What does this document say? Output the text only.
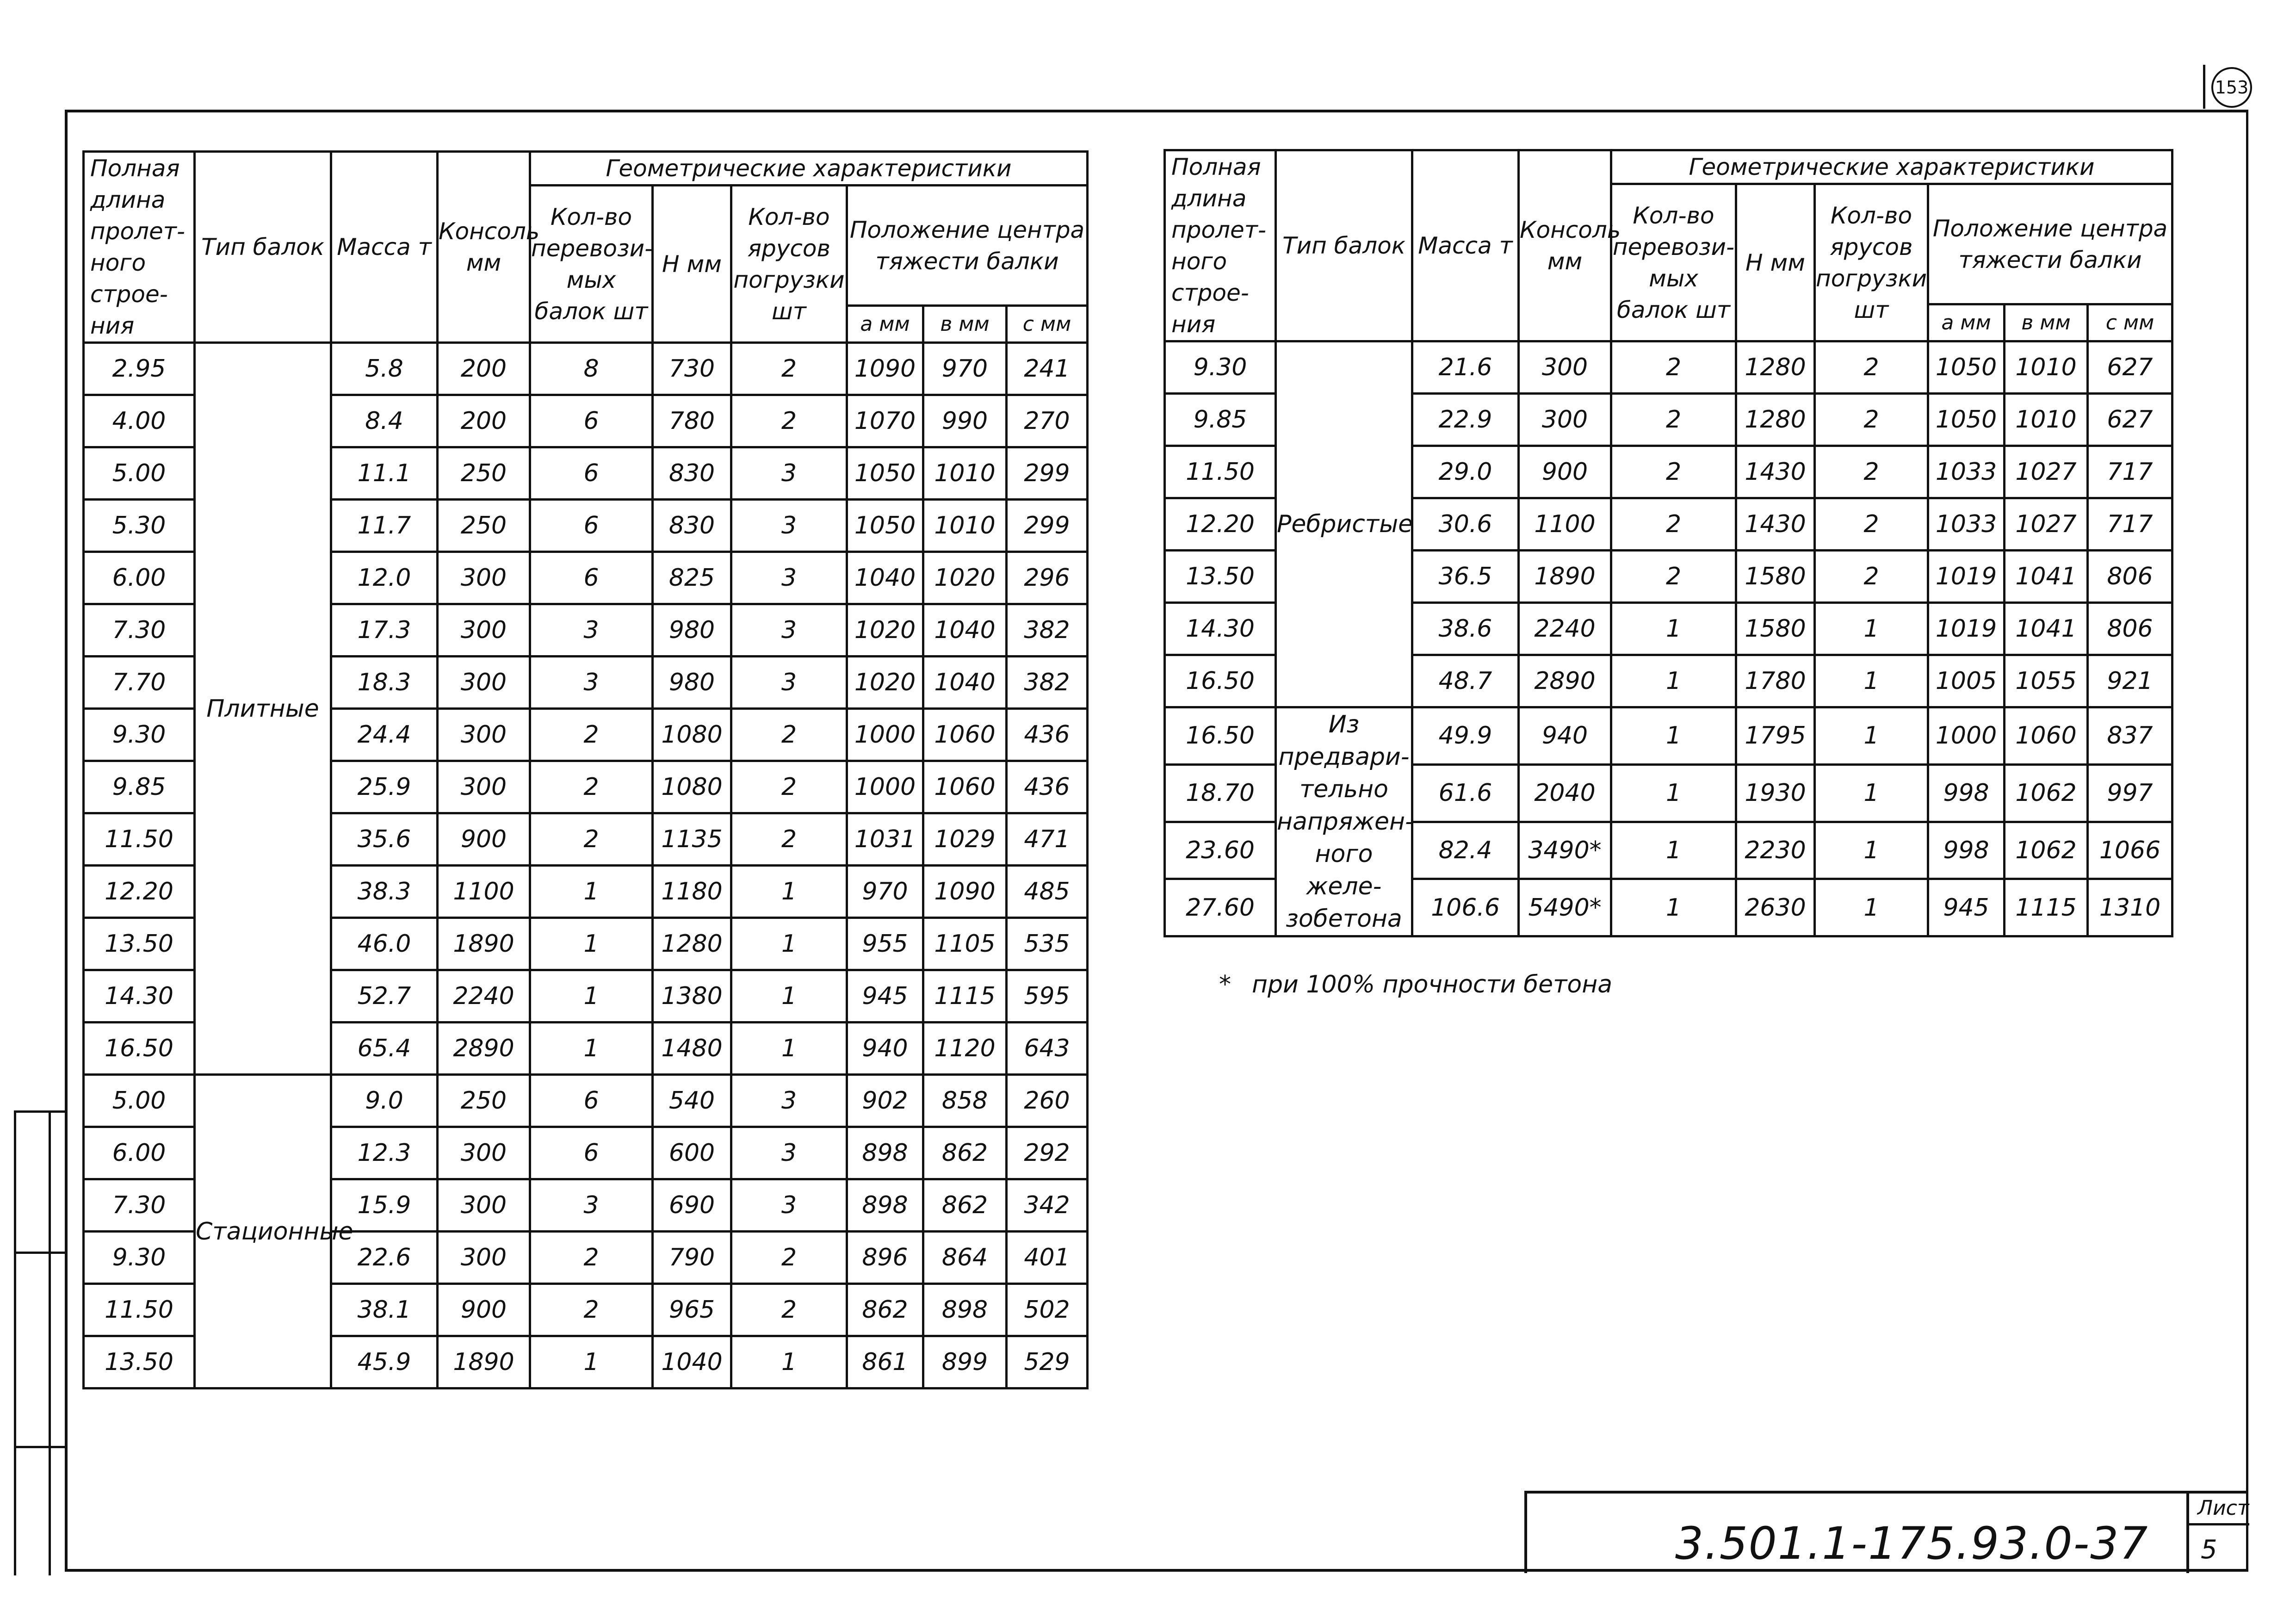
153
Полная длина пролет- ного строе- ния	Тип балок	Масса т	Консоль мм	Геометрические характеристики					
				Кол-во перевози- мых балок шт	Н мм	Кол-во ярусов погрузки шт	Положение центра тяжести балки		
							а мм	в мм	с мм
2.95	Плитные	5.8	200	8	730	2	1090	970	241
4.00		8.4	200	6	780	2	1070	990	270
5.00		11.1	250	6	830	3	1050	1010	299
5.30		11.7	250	6	830	3	1050	1010	299
6.00		12.0	300	6	825	3	1040	1020	296
7.30		17.3	300	3	980	3	1020	1040	382
7.70		18.3	300	3	980	3	1020	1040	382
9.30		24.4	300	2	1080	2	1000	1060	436
9.85		25.9	300	2	1080	2	1000	1060	436
11.50		35.6	900	2	1135	2	1031	1029	471
12.20		38.3	1100	1	1180	1	970	1090	485
13.50		46.0	1890	1	1280	1	955	1105	535
14.30		52.7	2240	1	1380	1	945	1115	595
16.50		65.4	2890	1	1480	1	940	1120	643
5.00	Стационные	9.0	250	6	540	3	902	858	260
6.00		12.3	300	6	600	3	898	862	292
7.30		15.9	300	3	690	3	898	862	342
9.30		22.6	300	2	790	2	896	864	401
11.50		38.1	900	2	965	2	862	898	502
13.50		45.9	1890	1	1040	1	861	899	529
Полная длина пролет- ного строе- ния	Тип балок	Масса т	Консоль мм	Геометрические характеристики					
				Кол-во перевози- мых балок шт	Н мм	Кол-во ярусов погрузки шт	Положение центра тяжести балки		
							а мм	в мм	с мм
9.30	Ребристые	21.6	300	2	1280	2	1050	1010	627
9.85		22.9	300	2	1280	2	1050	1010	627
11.50		29.0	900	2	1430	2	1033	1027	717
12.20		30.6	1100	2	1430	2	1033	1027	717
13.50		36.5	1890	2	1580	2	1019	1041	806
14.30		38.6	2240	1	1580	1	1019	1041	806
16.50		48.7	2890	1	1780	1	1005	1055	921
16.50	Из предвари- тельно напряжен- ного желе- зобетона	49.9	940	1	1795	1	1000	1060	837
18.70		61.6	2040	1	1930	1	998	1062	997
23.60		82.4	3490*	1	2230	1	998	1062	1066
27.60		106.6	5490*	1	2630	1	945	1115	1310
* при 100% прочности бетона
3.501.1-175.93.0-37
Лист
5
